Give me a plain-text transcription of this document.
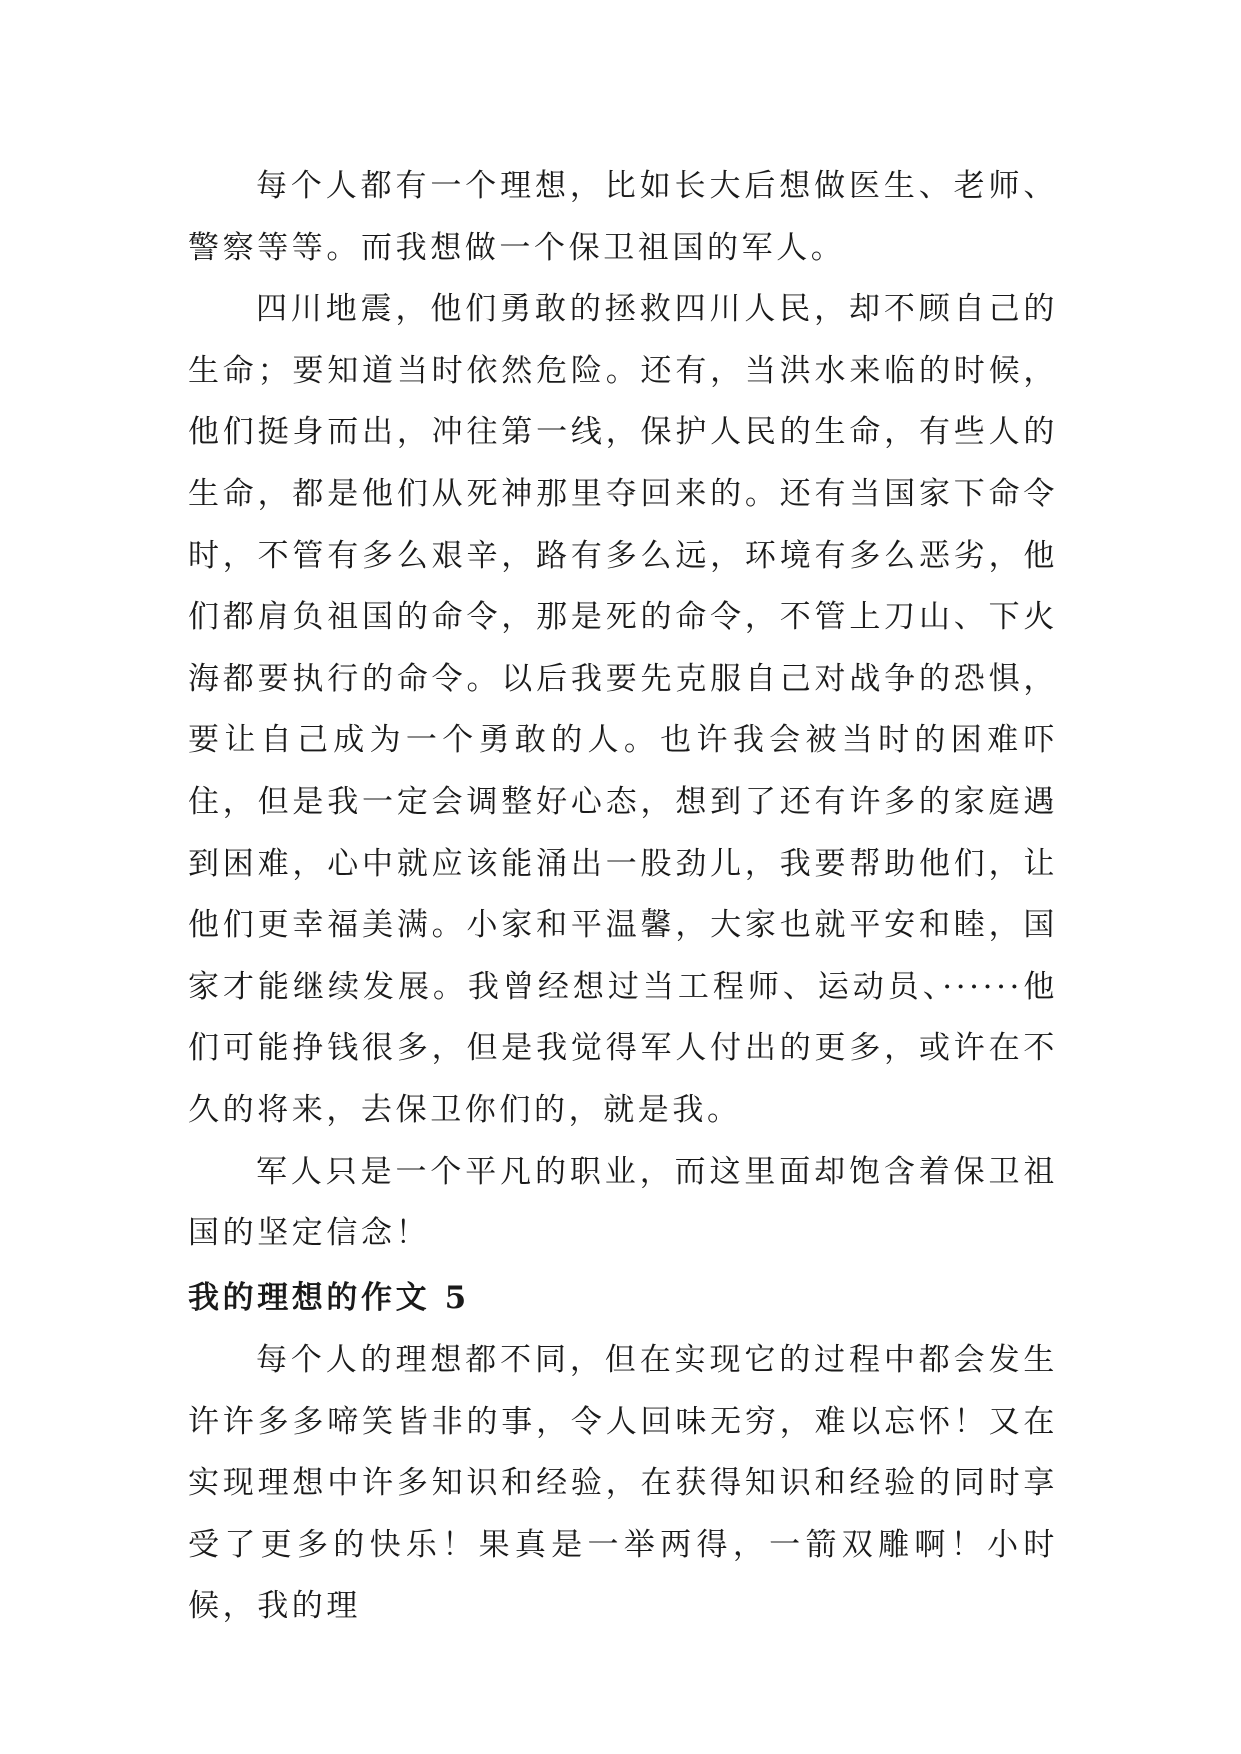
每个人都有一个理想，比如长大后想做医生、老师、警察等等。而我想做一个保卫祖国的军人。

四川地震，他们勇敢的拯救四川人民，却不顾自己的生命；要知道当时依然危险。还有，当洪水来临的时候，他们挺身而出，冲往第一线，保护人民的生命，有些人的生命，都是他们从死神那里夺回来的。还有当国家下命令时，不管有多么艰辛，路有多么远，环境有多么恶劣，他们都肩负祖国的命令，那是死的命令，不管上刀山、下火海都要执行的命令。以后我要先克服自己对战争的恐惧，要让自己成为一个勇敢的人。也许我会被当时的困难吓住，但是我一定会调整好心态，想到了还有许多的家庭遇到困难，心中就应该能涌出一股劲儿，我要帮助他们，让他们更幸福美满。小家和平温馨，大家也就平安和睦，国家才能继续发展。我曾经想过当工程师、运动员、······他们可能挣钱很多，但是我觉得军人付出的更多，或许在不久的将来，去保卫你们的，就是我。

军人只是一个平凡的职业，而这里面却饱含着保卫祖国的坚定信念！

我的理想的作文 5

每个人的理想都不同，但在实现它的过程中都会发生许许多多啼笑皆非的事，令人回味无穷，难以忘怀！又在实现理想中许多知识和经验，在获得知识和经验的同时享受了更多的快乐！果真是一举两得，一箭双雕啊！小时候，我的理
